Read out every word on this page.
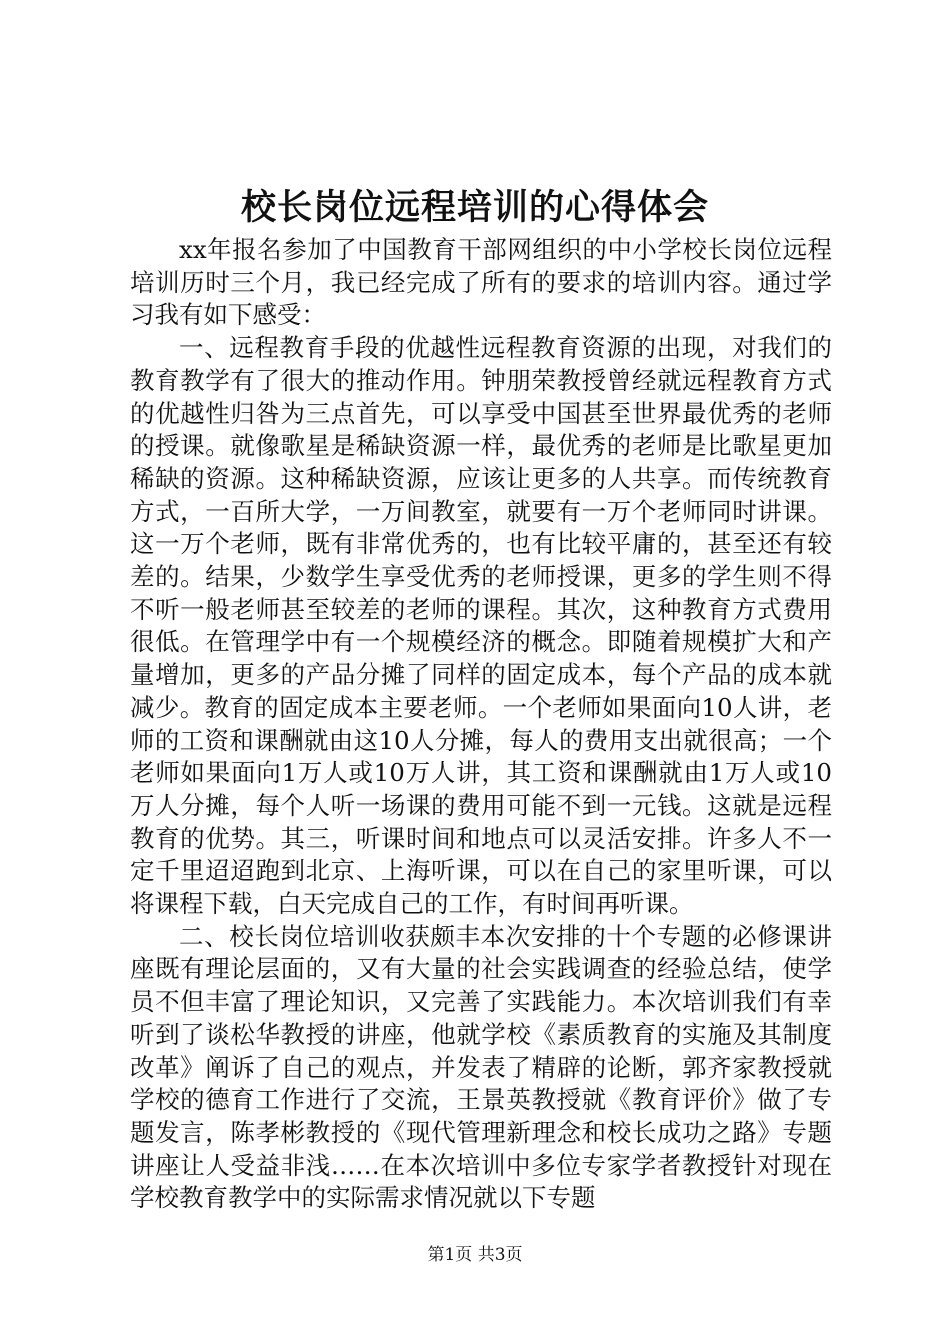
校长岗位远程培训的心得体会

xx年报名参加了中国教育干部网组织的中小学校长岗位远程培训历时三个月，我已经完成了所有的要求的培训内容。通过学习我有如下感受：

一、远程教育手段的优越性远程教育资源的出现，对我们的教育教学有了很大的推动作用。钟朋荣教授曾经就远程教育方式的优越性归咎为三点首先，可以享受中国甚至世界最优秀的老师的授课。就像歌星是稀缺资源一样，最优秀的老师是比歌星更加稀缺的资源。这种稀缺资源，应该让更多的人共享。而传统教育方式，一百所大学，一万间教室，就要有一万个老师同时讲课。这一万个老师，既有非常优秀的，也有比较平庸的，甚至还有较差的。结果，少数学生享受优秀的老师授课，更多的学生则不得不听一般老师甚至较差的老师的课程。其次，这种教育方式费用很低。在管理学中有一个规模经济的概念。即随着规模扩大和产量增加，更多的产品分摊了同样的固定成本，每个产品的成本就减少。教育的固定成本主要老师。一个老师如果面向10人讲，老师的工资和课酬就由这10人分摊，每人的费用支出就很高；一个老师如果面向1万人或10万人讲，其工资和课酬就由1万人或10万人分摊，每个人听一场课的费用可能不到一元钱。这就是远程教育的优势。其三，听课时间和地点可以灵活安排。许多人不一定千里迢迢跑到北京、上海听课，可以在自己的家里听课，可以将课程下载，白天完成自己的工作，有时间再听课。

二、校长岗位培训收获颇丰本次安排的十个专题的必修课讲座既有理论层面的，又有大量的社会实践调查的经验总结，使学员不但丰富了理论知识，又完善了实践能力。本次培训我们有幸听到了谈松华教授的讲座，他就学校《素质教育的实施及其制度改革》阐诉了自己的观点，并发表了精辟的论断，郭齐家教授就学校的德育工作进行了交流，王景英教授就《教育评价》做了专题发言，陈孝彬教授的《现代管理新理念和校长成功之路》专题讲座让人受益非浅……在本次培训中多位专家学者教授针对现在学校教育教学中的实际需求情况就以下专题

第1页 共3页
